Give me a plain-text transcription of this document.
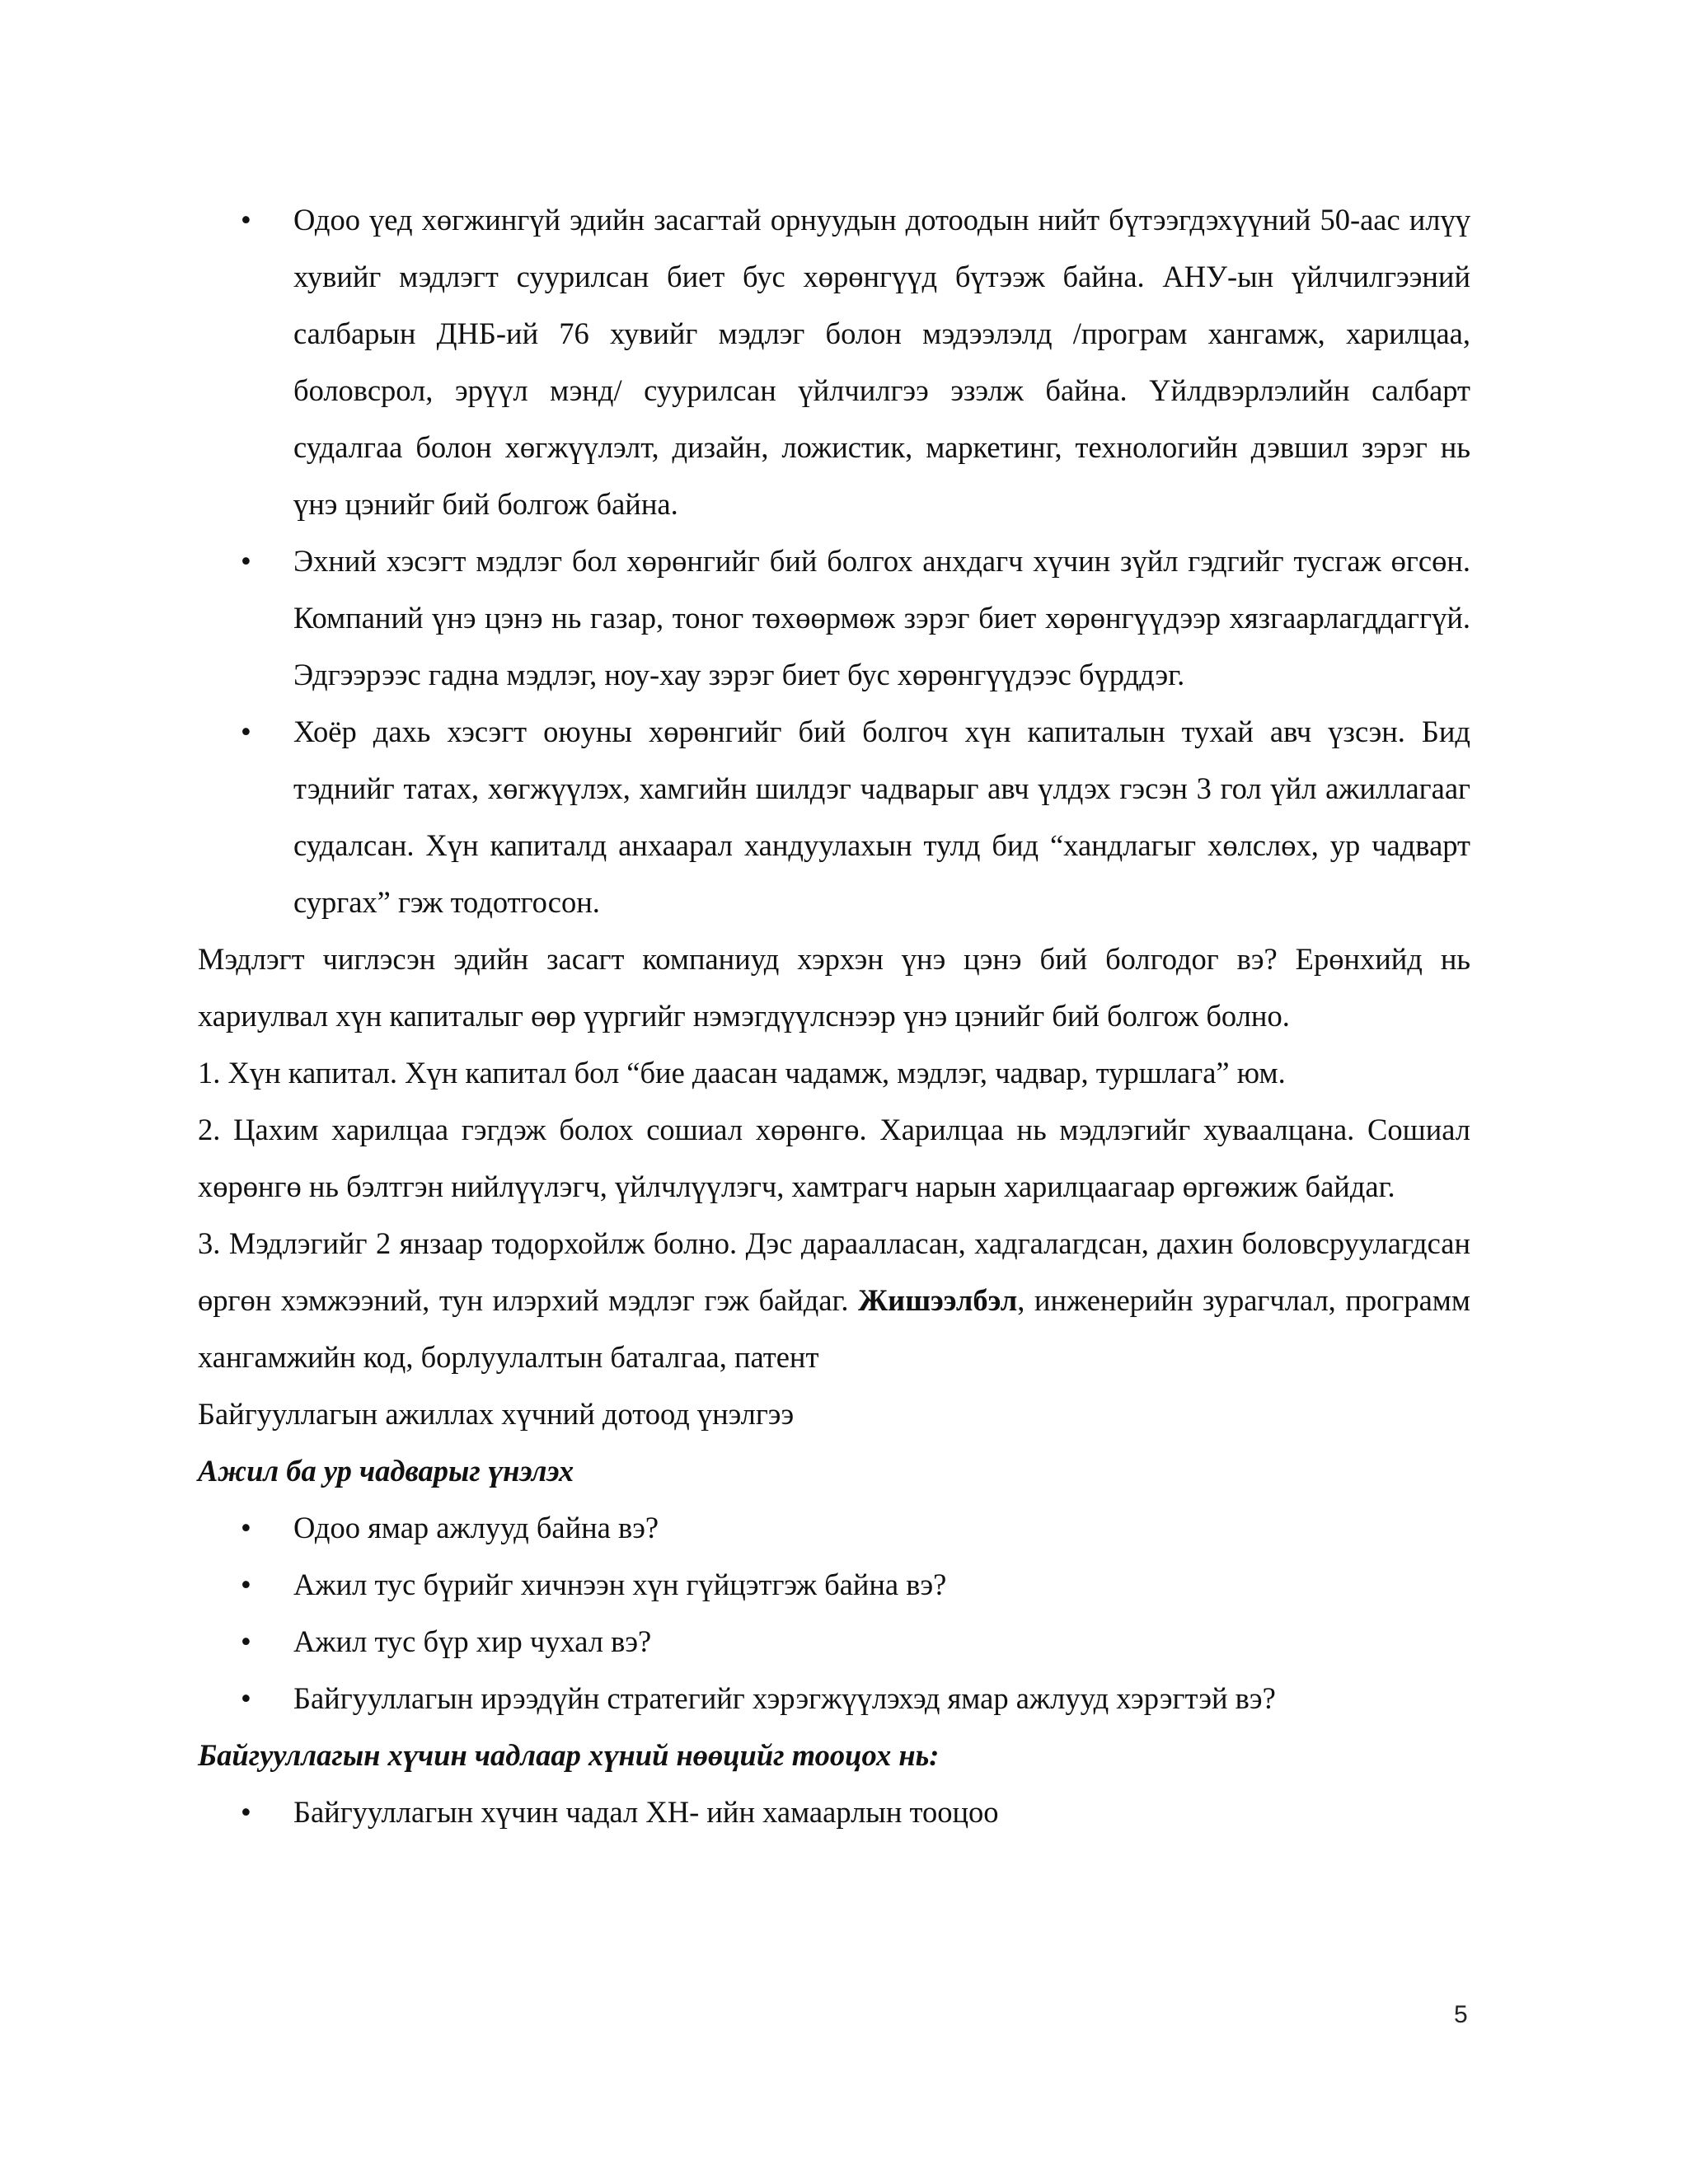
• Одоо үед хөгжингүй эдийн засагтай орнуудын дотоодын нийт бүтээгдэхүүний 50-аас илүү хувийг мэдлэгт суурилсан биет бус хөрөнгүүд бүтээж байна. АНУ-ын үйлчилгээний салбарын ДНБ-ий 76 хувийг мэдлэг болон мэдээлэлд /програм хангамж, харилцаа, боловсрол, эрүүл мэнд/ суурилсан үйлчилгээ эзэлж байна. Үйлдвэрлэлийн салбарт судалгаа болон хөгжүүлэлт, дизайн, ложистик, маркетинг, технологийн дэвшил зэрэг нь үнэ цэнийг бий болгож байна.
• Эхний хэсэгт мэдлэг бол хөрөнгийг бий болгох анхдагч хүчин зүйл гэдгийг тусгаж өгсөн. Компаний үнэ цэнэ нь газар, тоног төхөөрмөж зэрэг биет хөрөнгүүдээр хязгаарлагддаггүй. Эдгээрээс гадна мэдлэг, ноу-хау зэрэг биет бус хөрөнгүүдээс бүрддэг.
• Хоёр дахь хэсэгт оюуны хөрөнгийг бий болгоч хүн капиталын тухай авч үзсэн. Бид тэднийг татах, хөгжүүлэх, хамгийн шилдэг чадварыг авч үлдэх гэсэн 3 гол үйл ажиллагааг судалсан. Хүн капиталд анхаарал хандуулахын тулд бид “хандлагыг хөлслөх, ур чадварт сургах” гэж тодотгосон.

Мэдлэгт чиглэсэн эдийн засагт компаниуд хэрхэн үнэ цэнэ бий болгодог вэ? Ерөнхийд нь хариулвал хүн капиталыг өөр үүргийг нэмэгдүүлснээр үнэ цэнийг бий болгож болно.

1. Хүн капитал. Хүн капитал бол “бие даасан чадамж, мэдлэг, чадвар, туршлага” юм.

2. Цахим харилцаа гэгдэж болох сошиал хөрөнгө. Харилцаа нь мэдлэгийг хуваалцана. Сошиал хөрөнгө нь бэлтгэн нийлүүлэгч, үйлчлүүлэгч, хамтрагч нарын харилцаагаар өргөжиж байдаг.

3. Мэдлэгийг 2 янзаар тодорхойлж болно. Дэс дараалласан, хадгалагдсан, дахин боловсруулагдсан өргөн хэмжээний, тун илэрхий мэдлэг гэж байдаг. Жишээлбэл, инженерийн зурагчлал, программ хангамжийн код, борлуулалтын баталгаа, патент

Байгууллагын ажиллах хүчний дотоод үнэлгээ

Ажил ба ур чадварыг үнэлэх

• Одоо ямар ажлууд байна вэ?
• Ажил тус бүрийг хичнээн хүн гүйцэтгэж байна вэ?
• Ажил тус бүр хир чухал вэ?
• Байгууллагын ирээдүйн стратегийг хэрэгжүүлэхэд ямар ажлууд хэрэгтэй вэ?

Байгууллагын хүчин чадлаар хүний нөөцийг тооцох нь:

• Байгууллагын хүчин чадал ХН- ийн хамаарлын тооцоо
5
